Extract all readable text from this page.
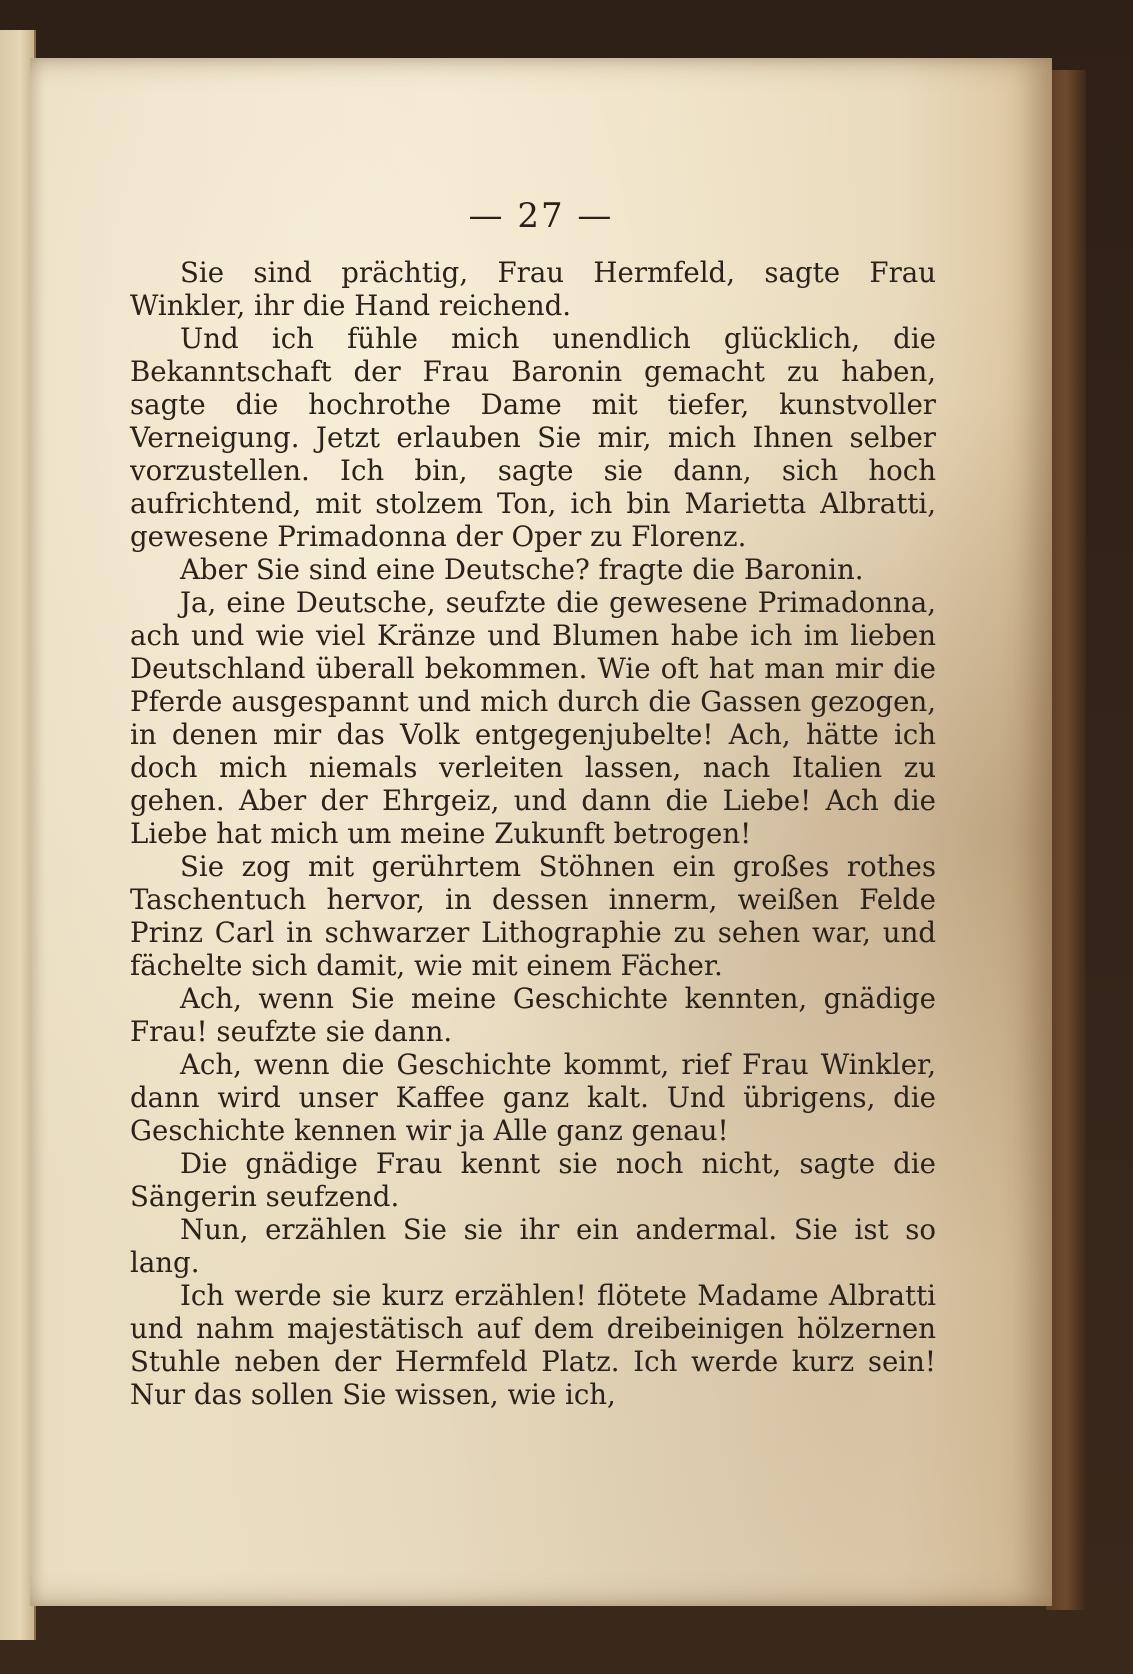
— 27 —

Sie sind prächtig, Frau Hermfeld, sagte Frau Winkler, ihr die Hand reichend.

Und ich fühle mich unendlich glücklich, die Bekanntschaft der Frau Baronin gemacht zu haben, sagte die hochrothe Dame mit tiefer, kunstvoller Verneigung. Jetzt erlauben Sie mir, mich Ihnen selber vorzustellen. Ich bin, sagte sie dann, sich hoch aufrichtend, mit stolzem Ton, ich bin Marietta Albratti, gewesene Primadonna der Oper zu Florenz.

Aber Sie sind eine Deutsche? fragte die Baronin.

Ja, eine Deutsche, seufzte die gewesene Primadonna, ach und wie viel Kränze und Blumen habe ich im lieben Deutschland überall bekommen. Wie oft hat man mir die Pferde ausgespannt und mich durch die Gassen gezogen, in denen mir das Volk entgegenjubelte! Ach, hätte ich doch mich niemals verleiten lassen, nach Italien zu gehen. Aber der Ehrgeiz, und dann die Liebe! Ach die Liebe hat mich um meine Zukunft betrogen!

Sie zog mit gerührtem Stöhnen ein großes rothes Taschentuch hervor, in dessen innerm, weißen Felde Prinz Carl in schwarzer Lithographie zu sehen war, und fächelte sich damit, wie mit einem Fächer.

Ach, wenn Sie meine Geschichte kennten, gnädige Frau! seufzte sie dann.

Ach, wenn die Geschichte kommt, rief Frau Winkler, dann wird unser Kaffee ganz kalt. Und übrigens, die Geschichte kennen wir ja Alle ganz genau!

Die gnädige Frau kennt sie noch nicht, sagte die Sängerin seufzend.

Nun, erzählen Sie sie ihr ein andermal. Sie ist so lang.

Ich werde sie kurz erzählen! flötete Madame Albratti und nahm majestätisch auf dem dreibeinigen hölzernen Stuhle neben der Hermfeld Platz. Ich werde kurz sein! Nur das sollen Sie wissen, wie ich,
